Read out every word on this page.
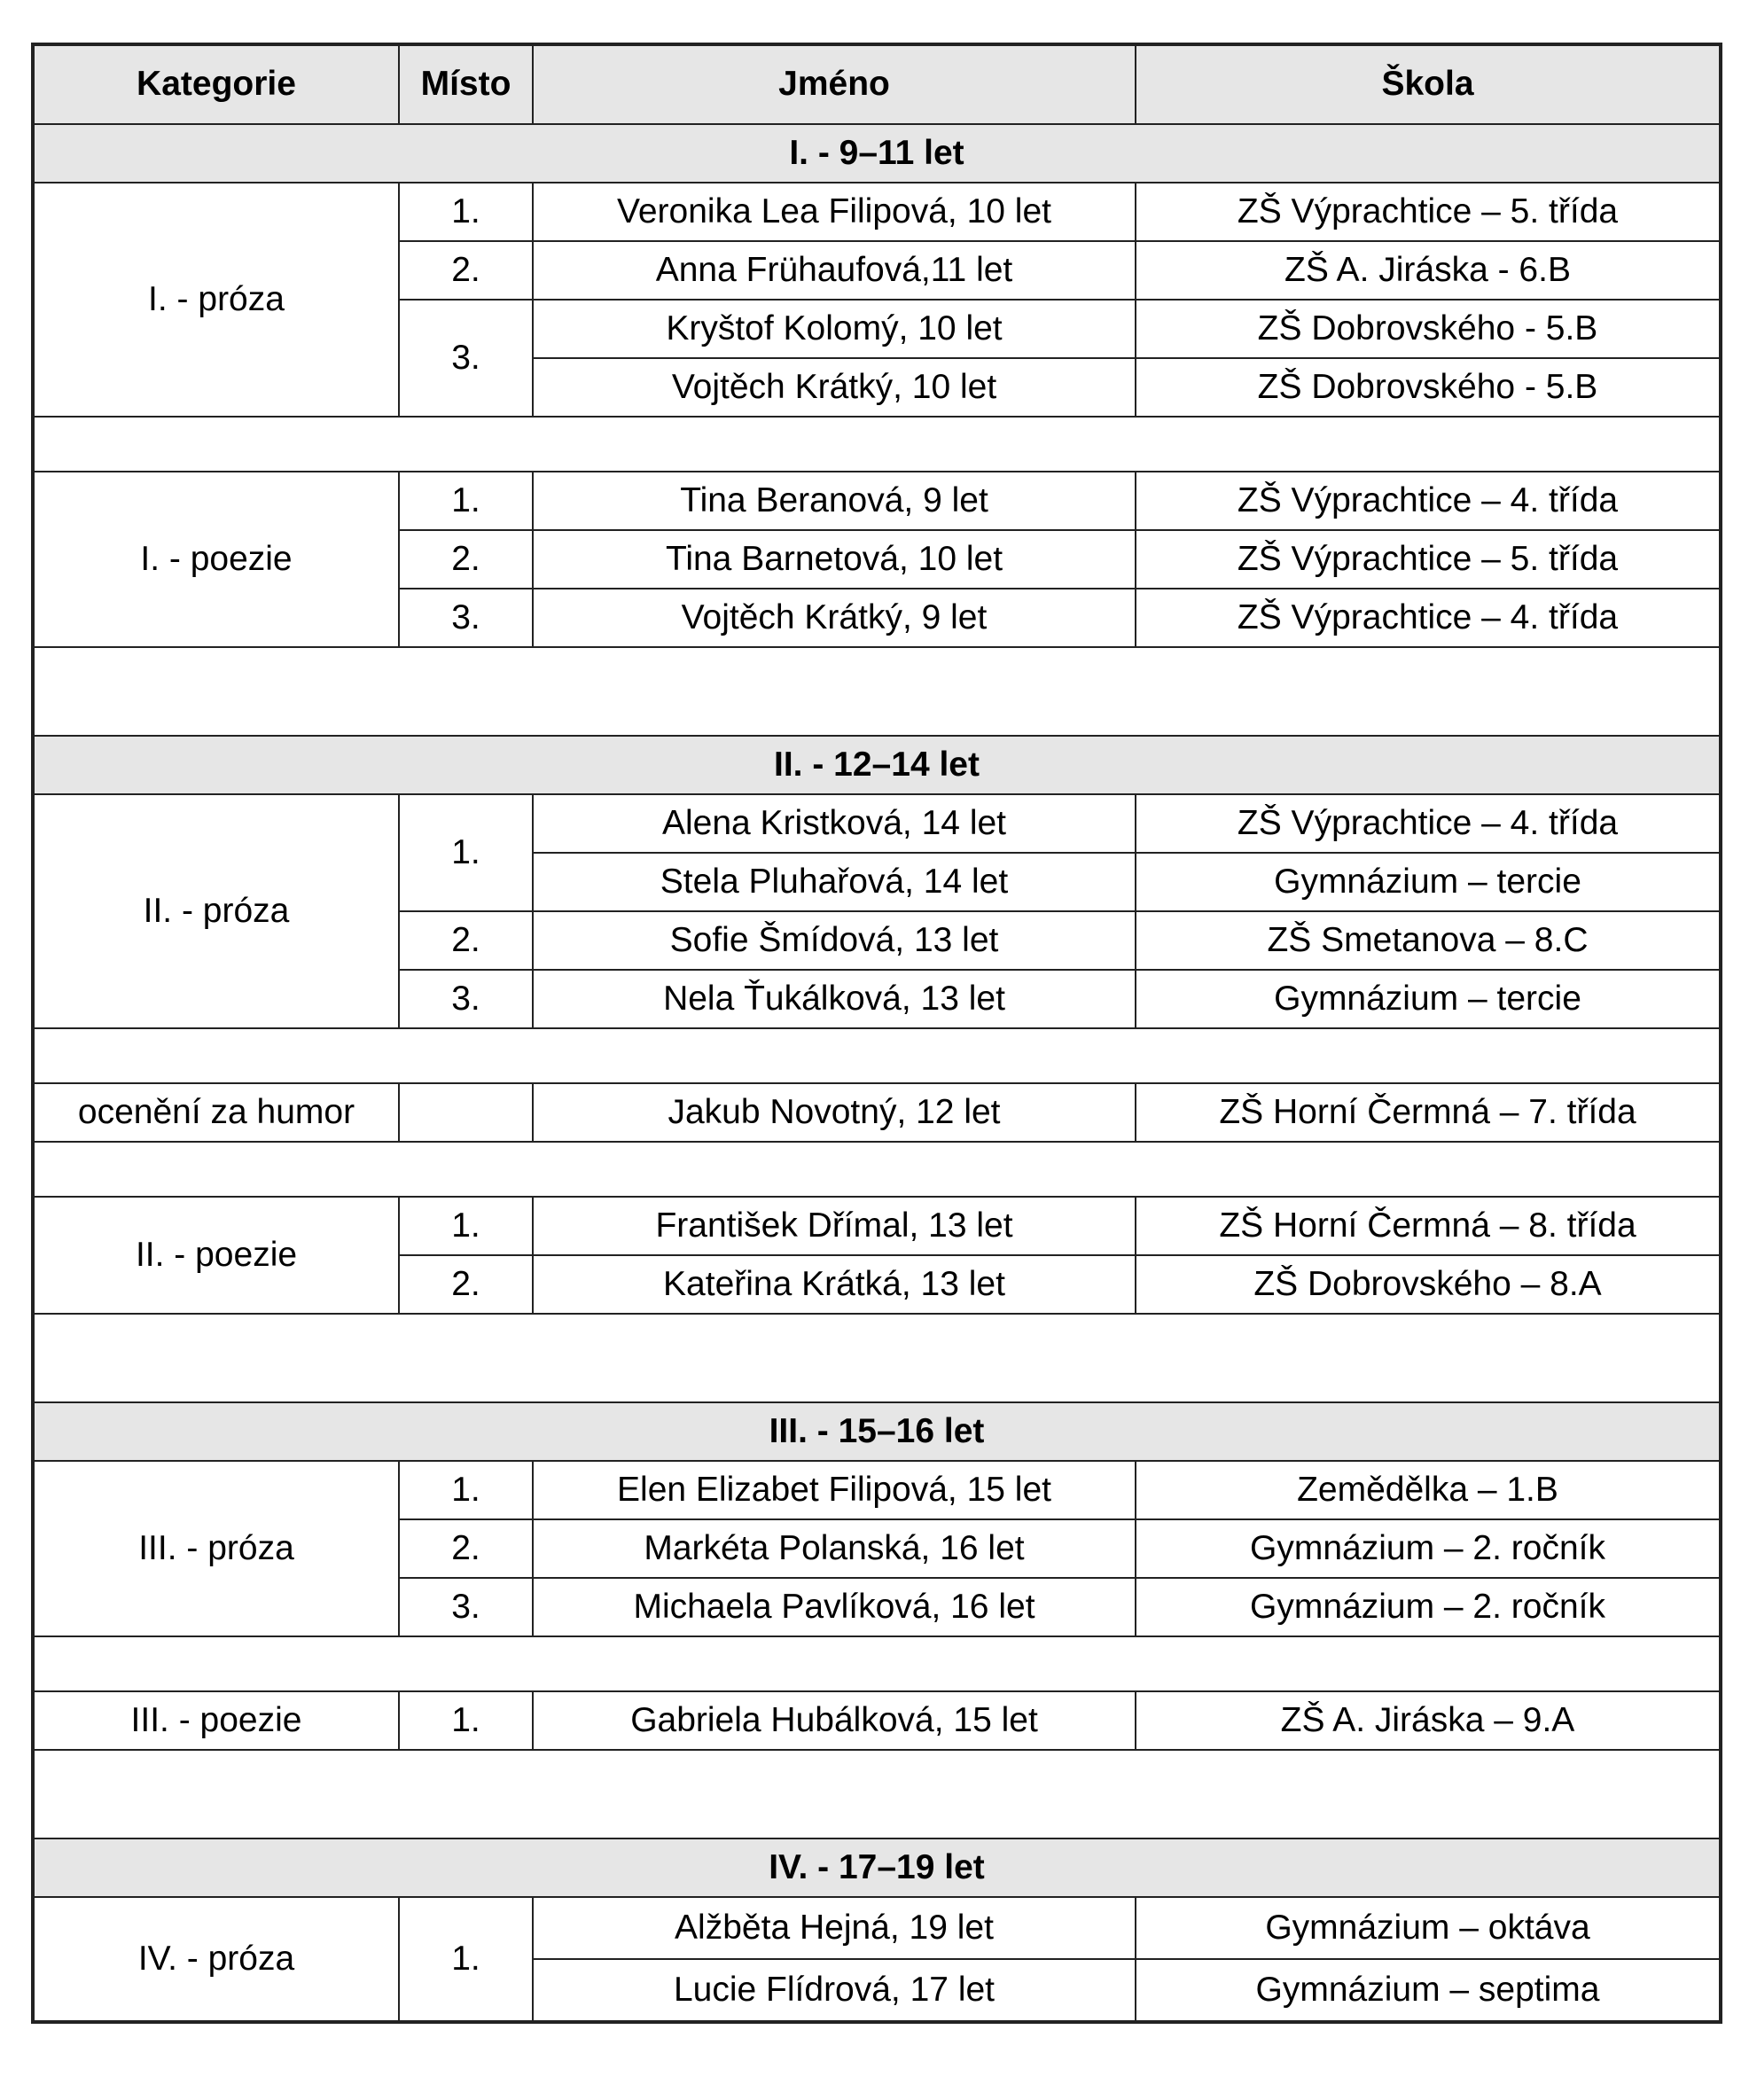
Kategorie	Místo	Jméno	Škola
I. - 9–11 let			
I. - próza	1.	Veronika Lea Filipová, 10 let	ZŠ Výprachtice – 5. třída
	2.	Anna Frühaufová,11 let	ZŠ A. Jiráska - 6.B
	3.	Kryštof Kolomý, 10 let	ZŠ Dobrovského - 5.B
		Vojtěch Krátký, 10 let	ZŠ Dobrovského - 5.B

I. - poezie	1.	Tina Beranová, 9 let	ZŠ Výprachtice – 4. třída
	2.	Tina Barnetová, 10 let	ZŠ Výprachtice – 5. třída
	3.	Vojtěch Krátký, 9 let	ZŠ Výprachtice – 4. třída

II. - 12–14 let			
II. - próza	1.	Alena Kristková, 14 let	ZŠ Výprachtice – 4. třída
		Stela Pluhařová, 14 let	Gymnázium – tercie
	2.	Sofie Šmídová, 13 let	ZŠ Smetanova – 8.C
	3.	Nela Ťukálková, 13 let	Gymnázium – tercie

ocenění za humor		Jakub Novotný, 12 let	ZŠ Horní Čermná – 7. třída

II. - poezie	1.	František Dřímal, 13 let	ZŠ Horní Čermná – 8. třída
	2.	Kateřina Krátká, 13 let	ZŠ Dobrovského – 8.A

III. - 15–16 let			
III. - próza	1.	Elen Elizabet Filipová, 15 let	Zemědělka – 1.B
	2.	Markéta Polanská, 16 let	Gymnázium – 2. ročník
	3.	Michaela Pavlíková, 16 let	Gymnázium – 2. ročník

III. - poezie	1.	Gabriela Hubálková, 15 let	ZŠ A. Jiráska – 9.A

IV. - 17–19 let			
IV. - próza	1.	Alžběta Hejná, 19 let	Gymnázium – oktáva
		Lucie Flídrová, 17 let	Gymnázium – septima
